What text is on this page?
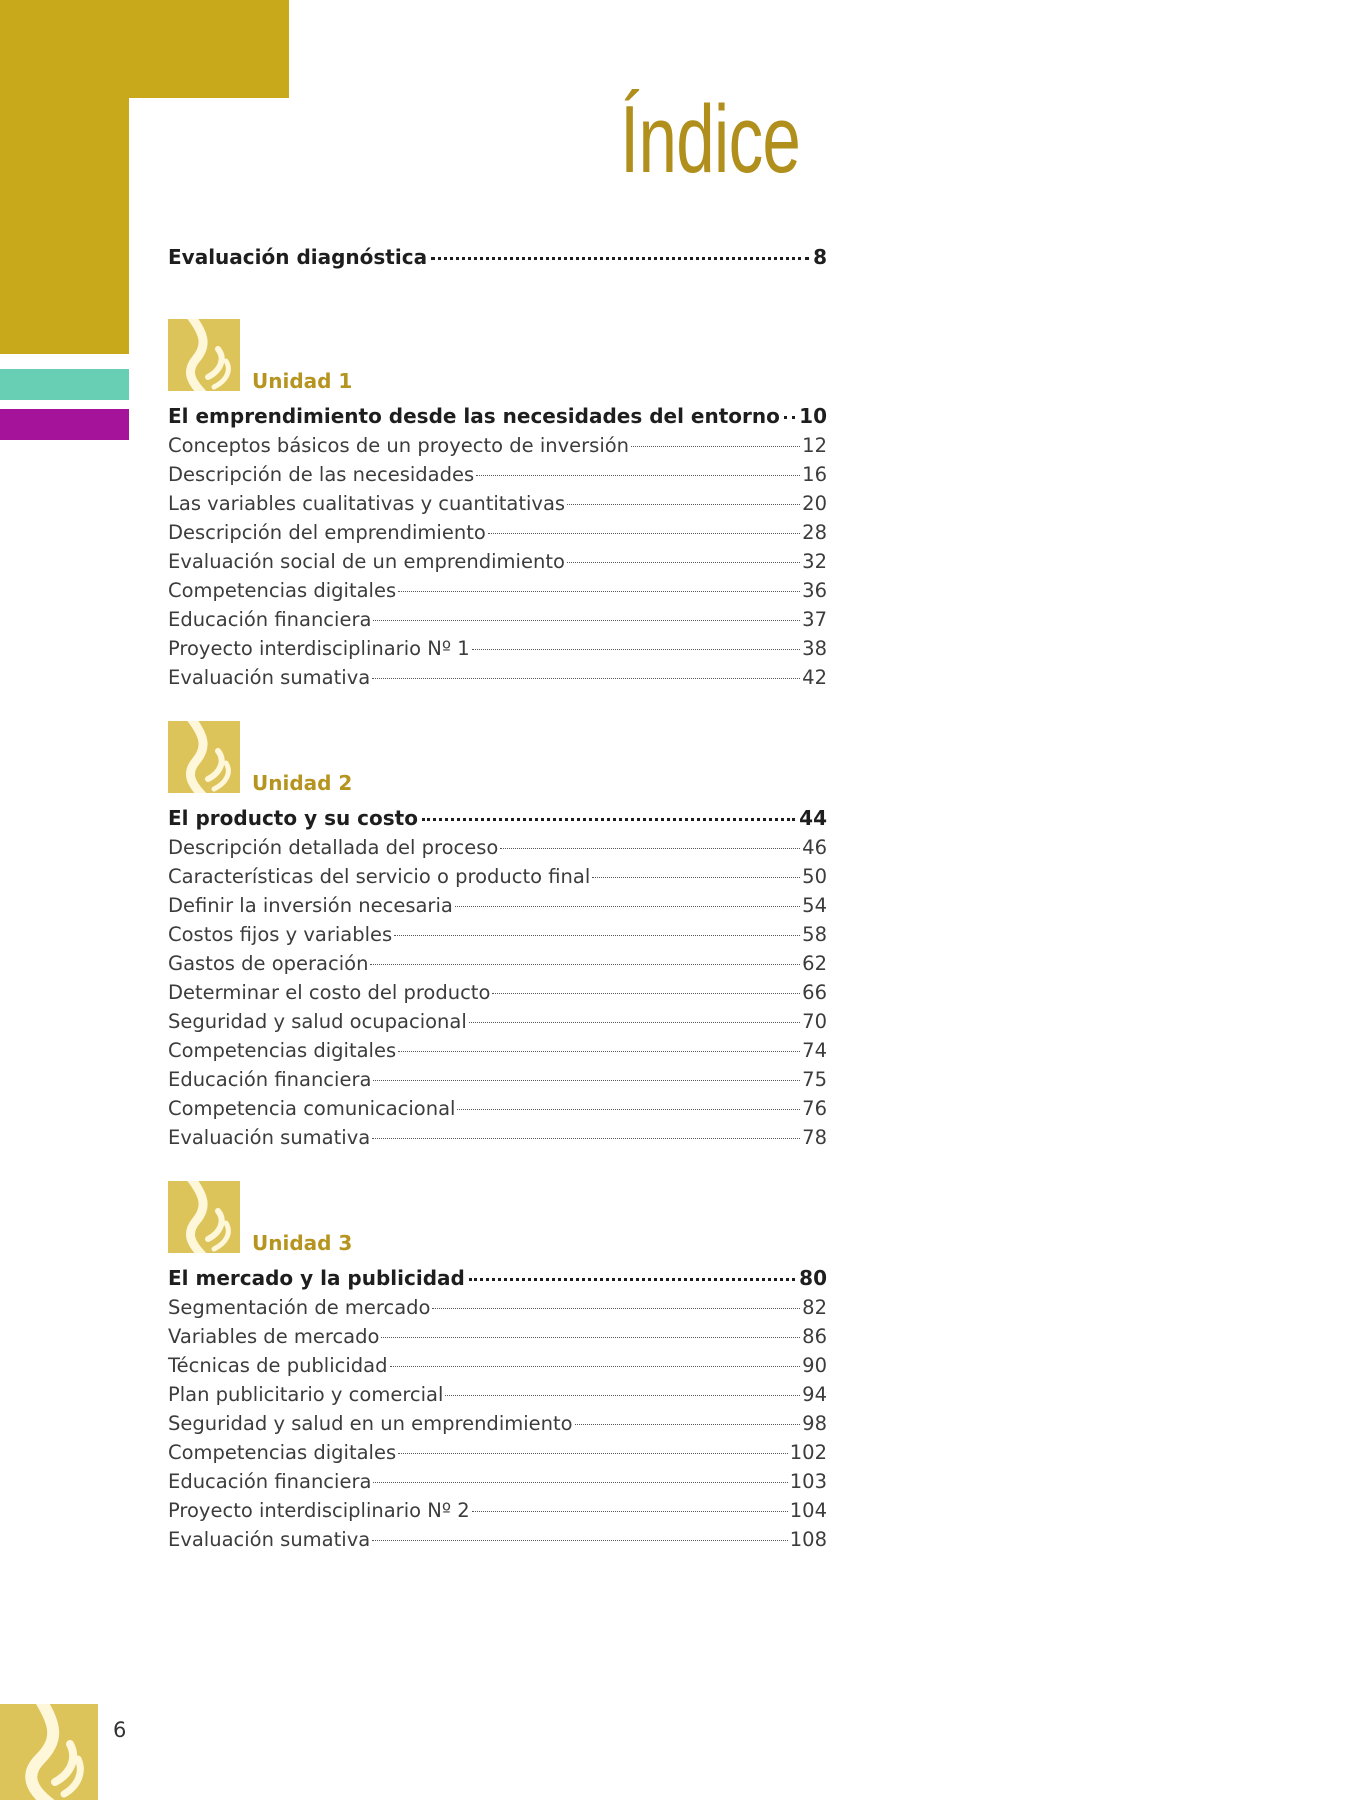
Índice
Evaluación diagnóstica	8
Unidad 1
El emprendimiento desde las necesidades del entorno 10
Conceptos básicos de un proyecto de inversión	12
Descripción de las necesidades	16
Las variables cualitativas y cuantitativas	20
Descripción del emprendimiento	28
Evaluación social de un emprendimiento	32
Competencias digitales	36
Educación financiera	37
Proyecto interdisciplinario Nº 1	38
Evaluación sumativa	42
Unidad 2
El producto y su costo	44
Descripción detallada del proceso	46
Características del servicio o producto final	50
Definir la inversión necesaria	54
Costos fijos y variables	58
Gastos de operación	62
Determinar el costo del producto	66
Seguridad y salud ocupacional	70
Competencias digitales	74
Educación financiera	75
Competencia comunicacional	76
Evaluación sumativa	78
Unidad 3
El mercado y la publicidad	80
Segmentación de mercado	82
Variables de mercado	86
Técnicas de publicidad	90
Plan publicitario y comercial	94
Seguridad y salud en un emprendimiento	98
Competencias digitales	102
Educación financiera	103
Proyecto interdisciplinario Nº 2	104
Evaluación sumativa	108
6
